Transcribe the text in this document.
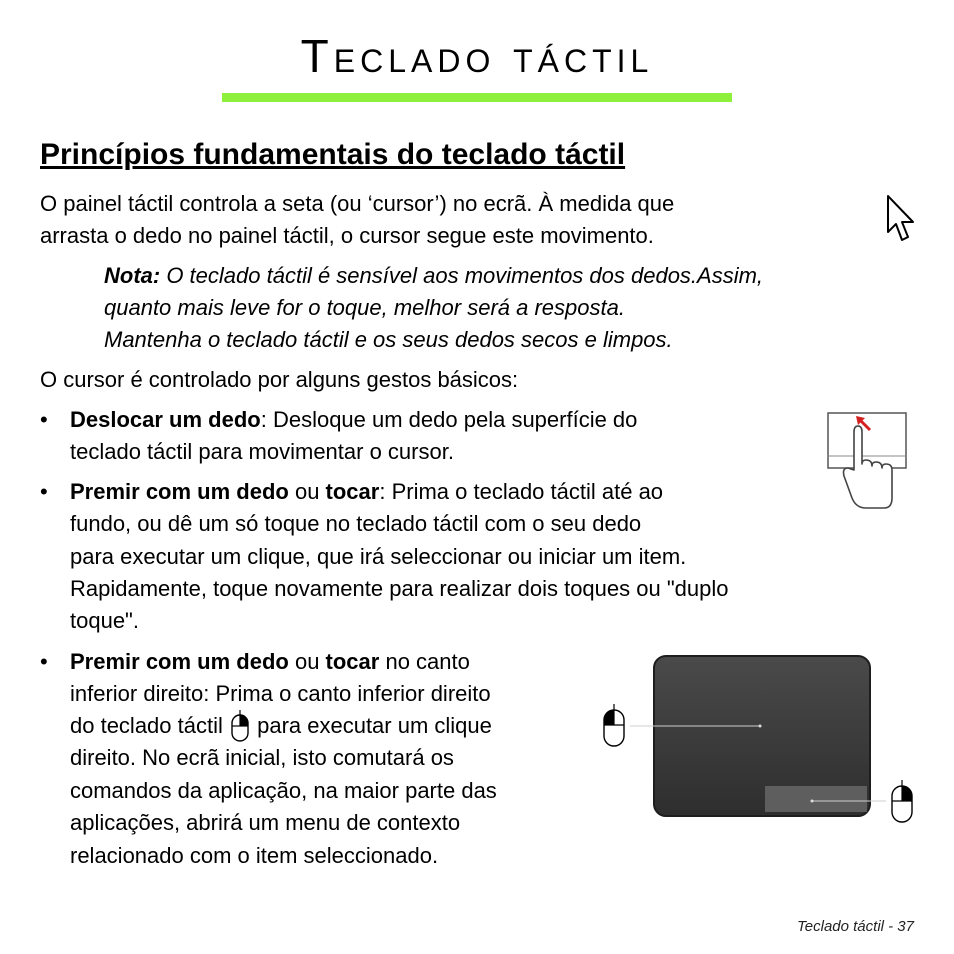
Teclado táctil
Princípios fundamentais do teclado táctil
O painel táctil controla a seta (ou ‘cursor’) no ecrã. À medida que
arrasta o dedo no painel táctil, o cursor segue este movimento.
Nota: O teclado táctil é sensível aos movimentos dos dedos.Assim,
quanto mais leve for o toque, melhor será a resposta.
Mantenha o teclado táctil e os seus dedos secos e limpos.
O cursor é controlado por alguns gestos básicos:
• Deslocar um dedo: Desloque um dedo pela superfície do
teclado táctil para movimentar o cursor.
• Premir com um dedo ou tocar: Prima o teclado táctil até ao
fundo, ou dê um só toque no teclado táctil com o seu dedo
para executar um clique, que irá seleccionar ou iniciar um item.
Rapidamente, toque novamente para realizar dois toques ou "duplo
toque".
• Premir com um dedo ou tocar no canto
inferior direito: Prima o canto inferior direito
do teclado táctil
para executar um clique
direito. No ecrã inicial, isto comutará os
comandos da aplicação, na maior parte das
aplicações, abrirá um menu de contexto
relacionado com o item seleccionado.
Teclado táctil - 37
